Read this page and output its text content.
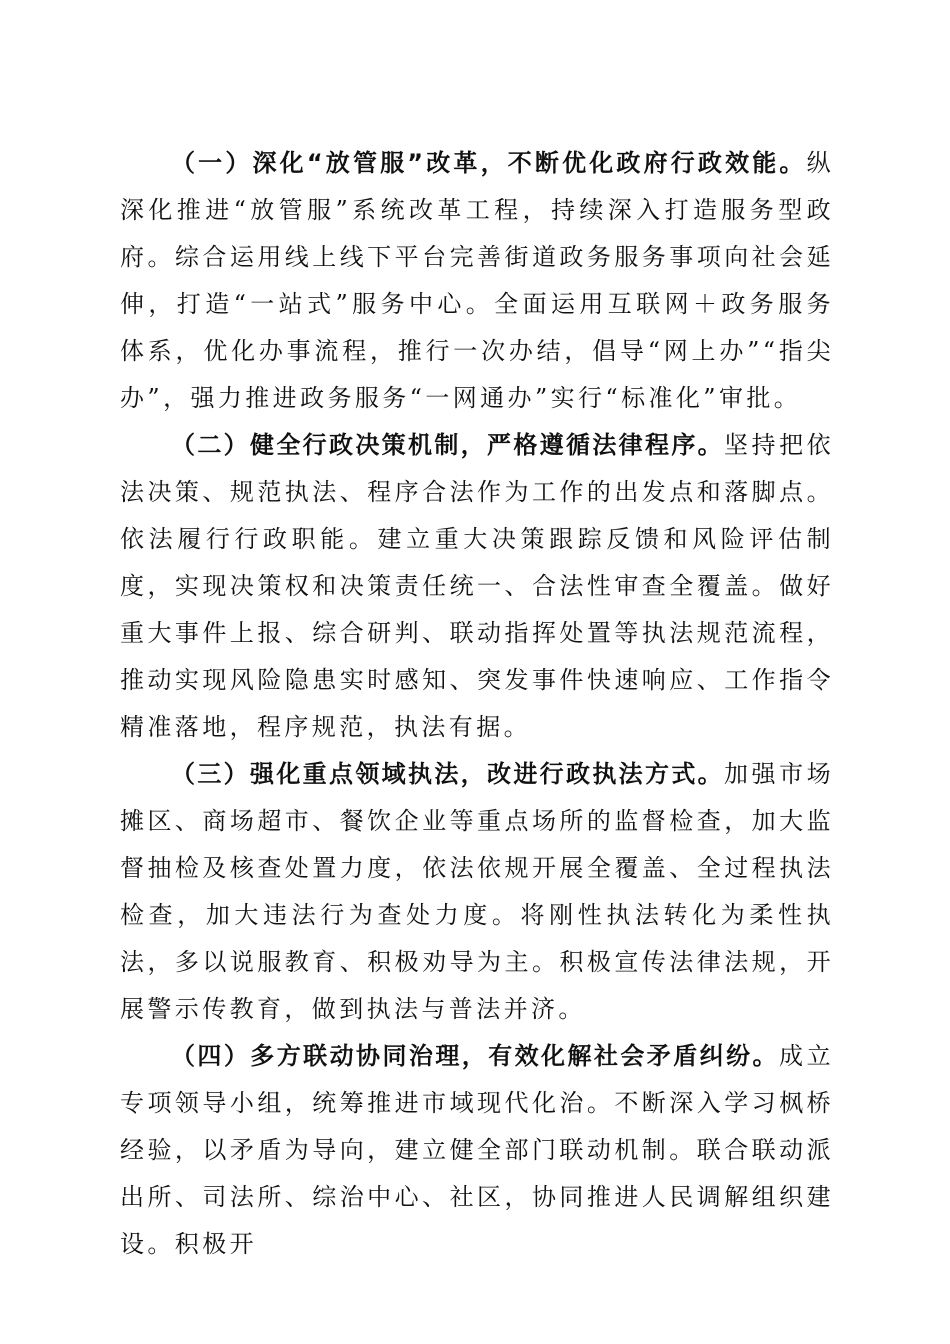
（一）深化“放管服”改革，不断优化政府行政效能。纵深化推进“放管服”系统改革工程，持续深入打造服务型政府。综合运用线上线下平台完善街道政务服务事项向社会延伸，打造“一站式”服务中心。全面运用互联网＋政务服务体系，优化办事流程，推行一次办结，倡导“网上办”“指尖办”，强力推进政务服务“一网通办”实行“标准化”审批。

（二）健全行政决策机制，严格遵循法律程序。坚持把依法决策、规范执法、程序合法作为工作的出发点和落脚点。依法履行行政职能。建立重大决策跟踪反馈和风险评估制度，实现决策权和决策责任统一、合法性审查全覆盖。做好重大事件上报、综合研判、联动指挥处置等执法规范流程，推动实现风险隐患实时感知、突发事件快速响应、工作指令精准落地，程序规范，执法有据。

（三）强化重点领域执法，改进行政执法方式。加强市场摊区、商场超市、餐饮企业等重点场所的监督检查，加大监督抽检及核查处置力度，依法依规开展全覆盖、全过程执法检查，加大违法行为查处力度。将刚性执法转化为柔性执法，多以说服教育、积极劝导为主。积极宣传法律法规，开展警示传教育，做到执法与普法并济。

（四）多方联动协同治理，有效化解社会矛盾纠纷。成立专项领导小组，统筹推进市域现代化治。不断深入学习枫桥经验，以矛盾为导向，建立健全部门联动机制。联合联动派出所、司法所、综治中心、社区，协同推进人民调解组织建设。积极开
